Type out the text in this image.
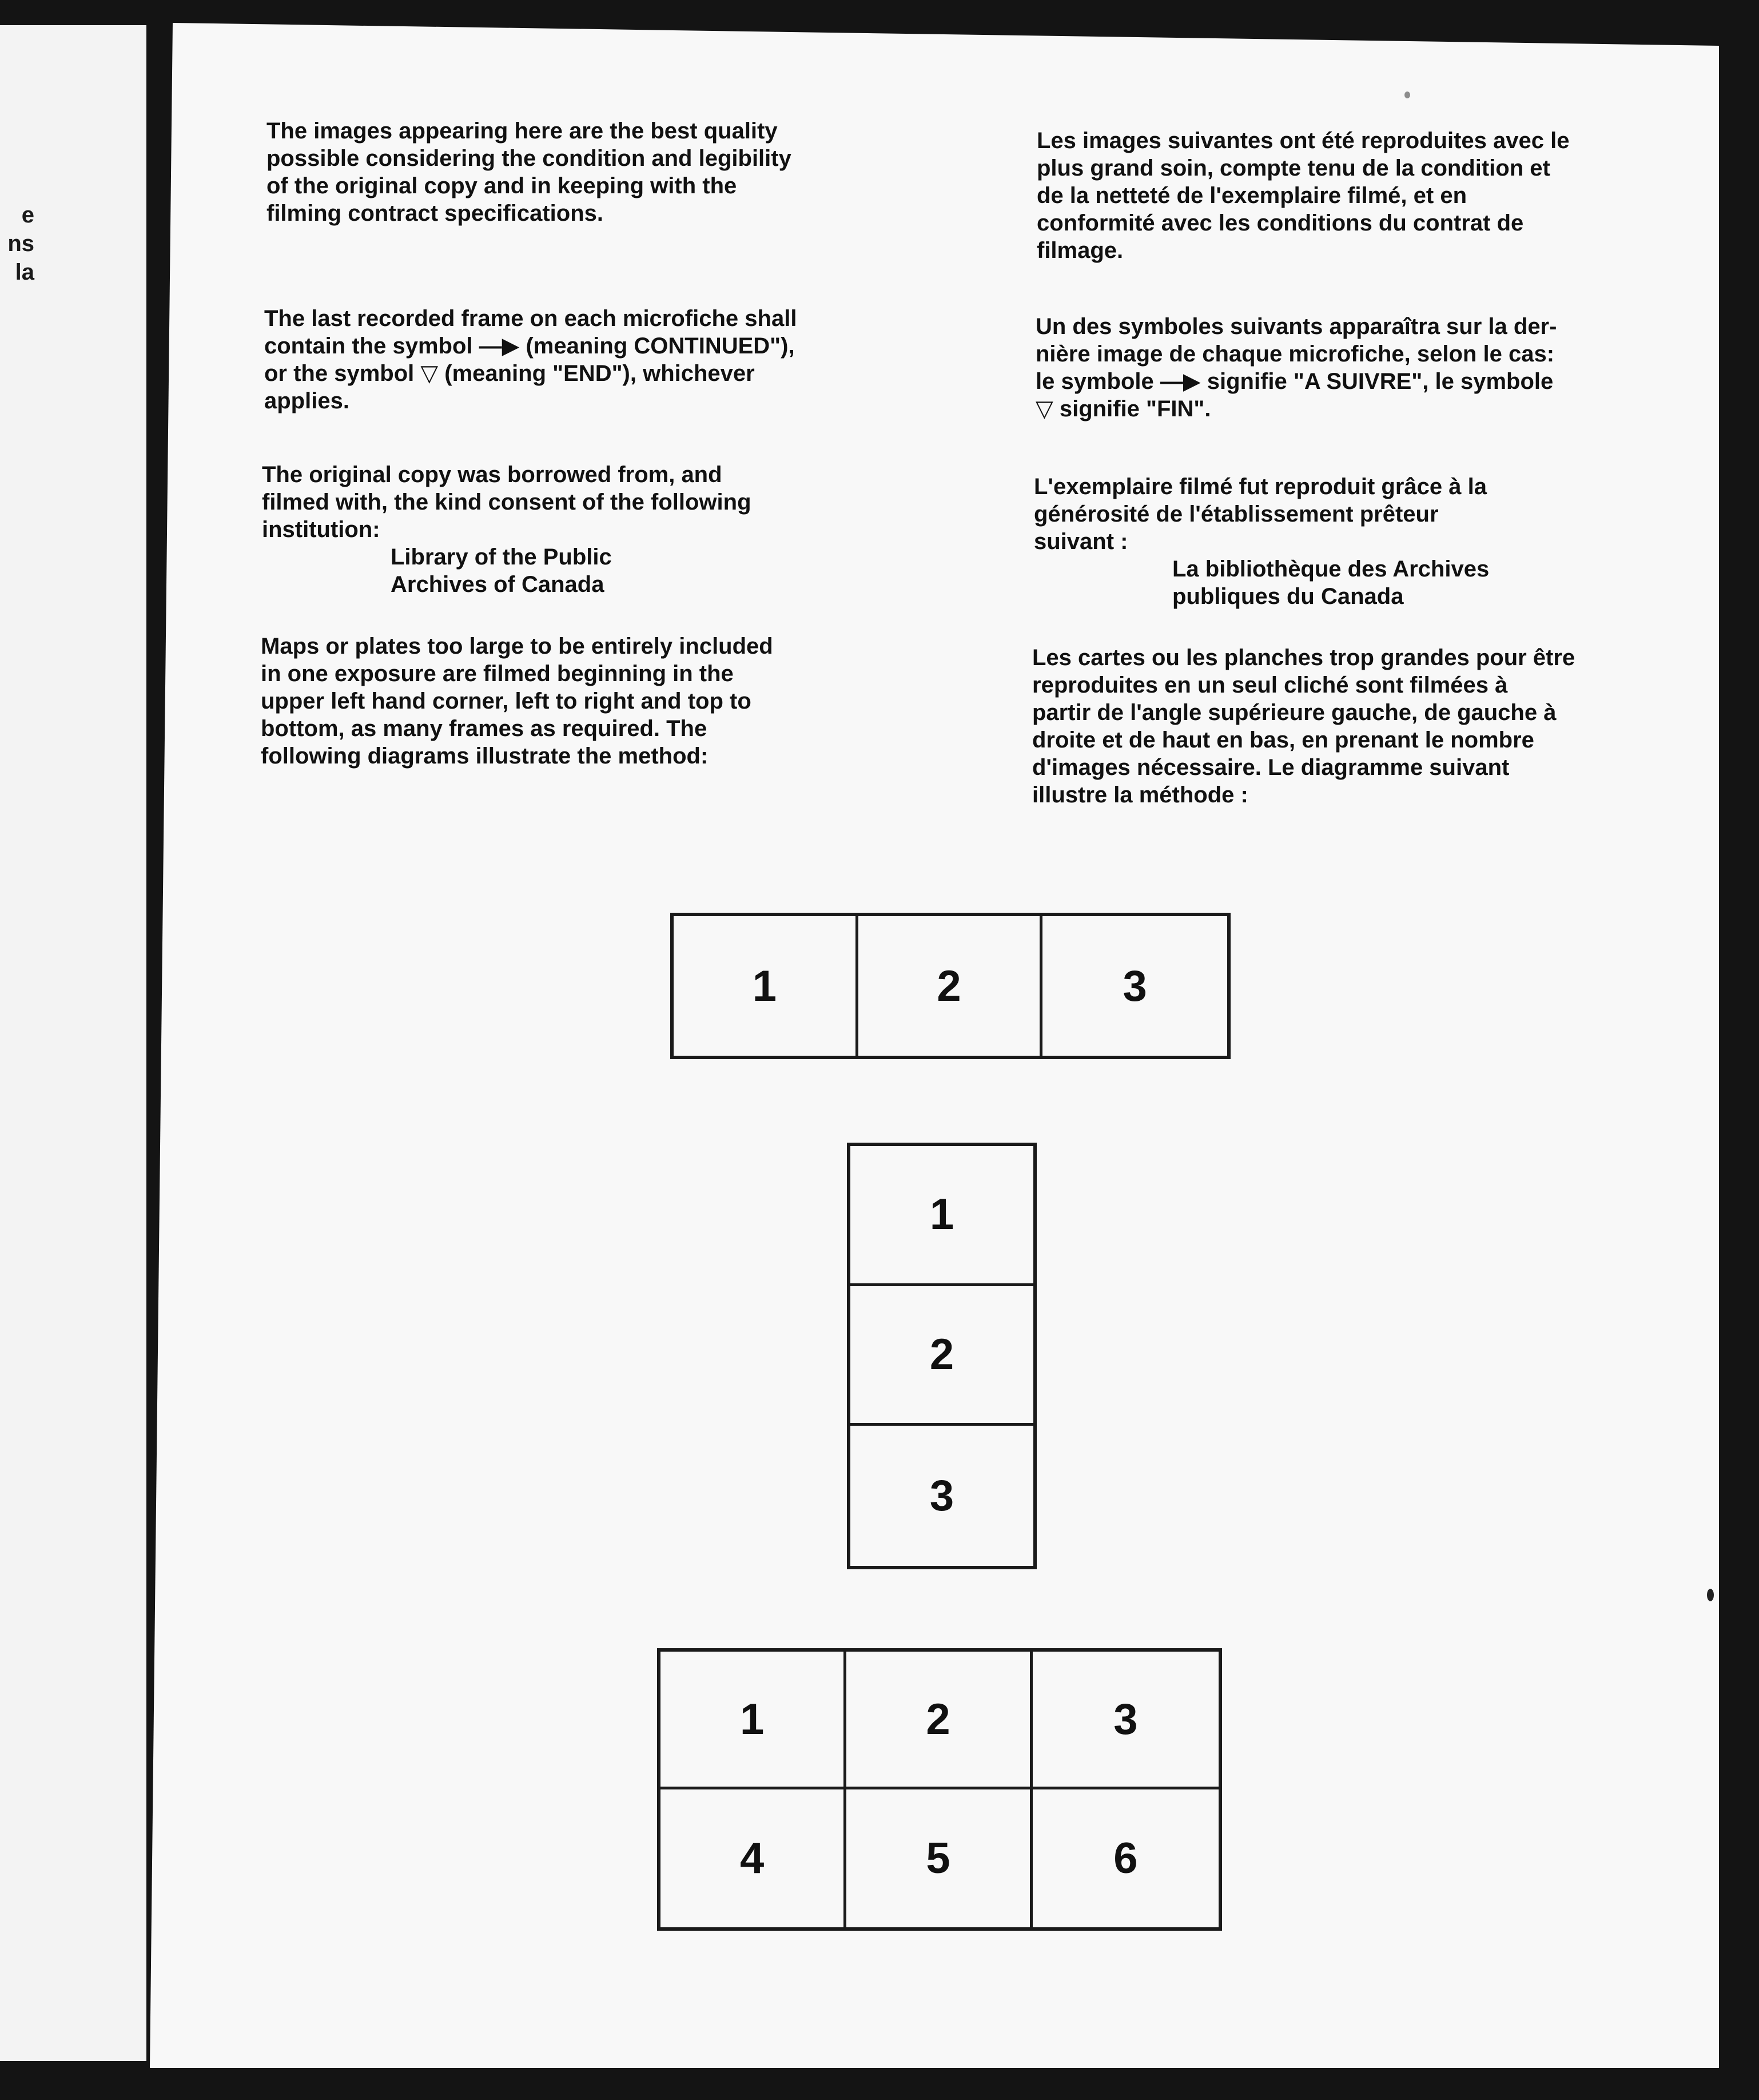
e
ns
la

The images appearing here are the best quality
possible considering the condition and legibility
of the original copy and in keeping with the
filming contract specifications.

The last recorded frame on each microfiche shall
contain the symbol —▶ (meaning CONTINUED"),
or the symbol ▽ (meaning "END"), whichever
applies.

The original copy was borrowed from, and
filmed with, the kind consent of the following
institution:
Library of the Public
Archives of Canada

Maps or plates too large to be entirely included
in one exposure are filmed beginning in the
upper left hand corner, left to right and top to
bottom, as many frames as required. The
following diagrams illustrate the method:

Les images suivantes ont été reproduites avec le
plus grand soin, compte tenu de la condition et
de la netteté de l'exemplaire filmé, et en
conformité avec les conditions du contrat de
filmage.

Un des symboles suivants apparaîtra sur la der-
nière image de chaque microfiche, selon le cas:
le symbole —▶ signifie "A SUIVRE", le symbole
▽ signifie "FIN".

L'exemplaire filmé fut reproduit grâce à la
générosité de l'établissement prêteur
suivant :
La bibliothèque des Archives
publiques du Canada

Les cartes ou les planches trop grandes pour être
reproduites en un seul cliché sont filmées à
partir de l'angle supérieure gauche, de gauche à
droite et de haut en bas, en prenant le nombre
d'images nécessaire. Le diagramme suivant
illustre la méthode :

1	2	3
1
2
3
1	2	3
4	5	6
